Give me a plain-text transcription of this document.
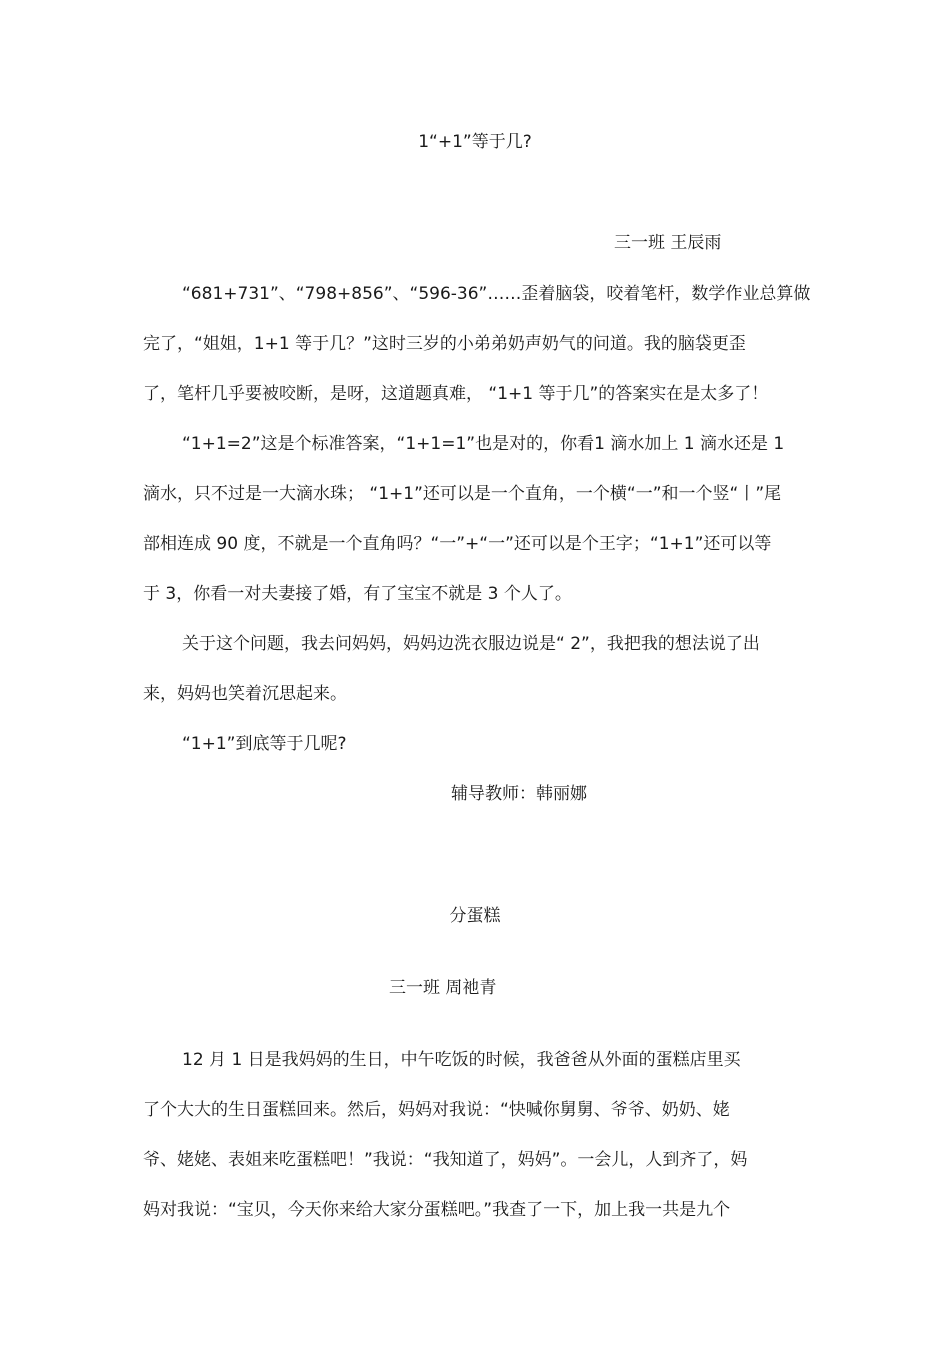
1“+1”等于几?
三一班 王辰雨
“681+731”、“798+856”、“596-36”……歪着脑袋，咬着笔杆，数学作业总算做
完了，“姐姐，1+1 等于几？”这时三岁的小弟弟奶声奶气的问道。我的脑袋更歪
了，笔杆几乎要被咬断，是呀，这道题真难， “1+1 等于几”的答案实在是太多了！
“1+1=2”这是个标准答案，“1+1=1”也是对的，你看1 滴水加上 1 滴水还是 1
滴水，只不过是一大滴水珠； “1+1”还可以是一个直角，一个横“一”和一个竖“丨”尾
部相连成 90 度，不就是一个直角吗？“一”+“一”还可以是个王字；“1+1”还可以等
于 3，你看一对夫妻接了婚，有了宝宝不就是 3 个人了。
关于这个问题，我去问妈妈，妈妈边洗衣服边说是“ 2”，我把我的想法说了出
来，妈妈也笑着沉思起来。
“1+1”到底等于几呢?
辅导教师：韩丽娜
分蛋糕
三一班 周祂青
12 月 1 日是我妈妈的生日，中午吃饭的时候，我爸爸从外面的蛋糕店里买
了个大大的生日蛋糕回来。然后，妈妈对我说：“快喊你舅舅、爷爷、奶奶、姥
爷、姥姥、表姐来吃蛋糕吧！”我说：“我知道了，妈妈”。一会儿，人到齐了，妈
妈对我说：“宝贝，今天你来给大家分蛋糕吧。”我查了一下，加上我一共是九个
